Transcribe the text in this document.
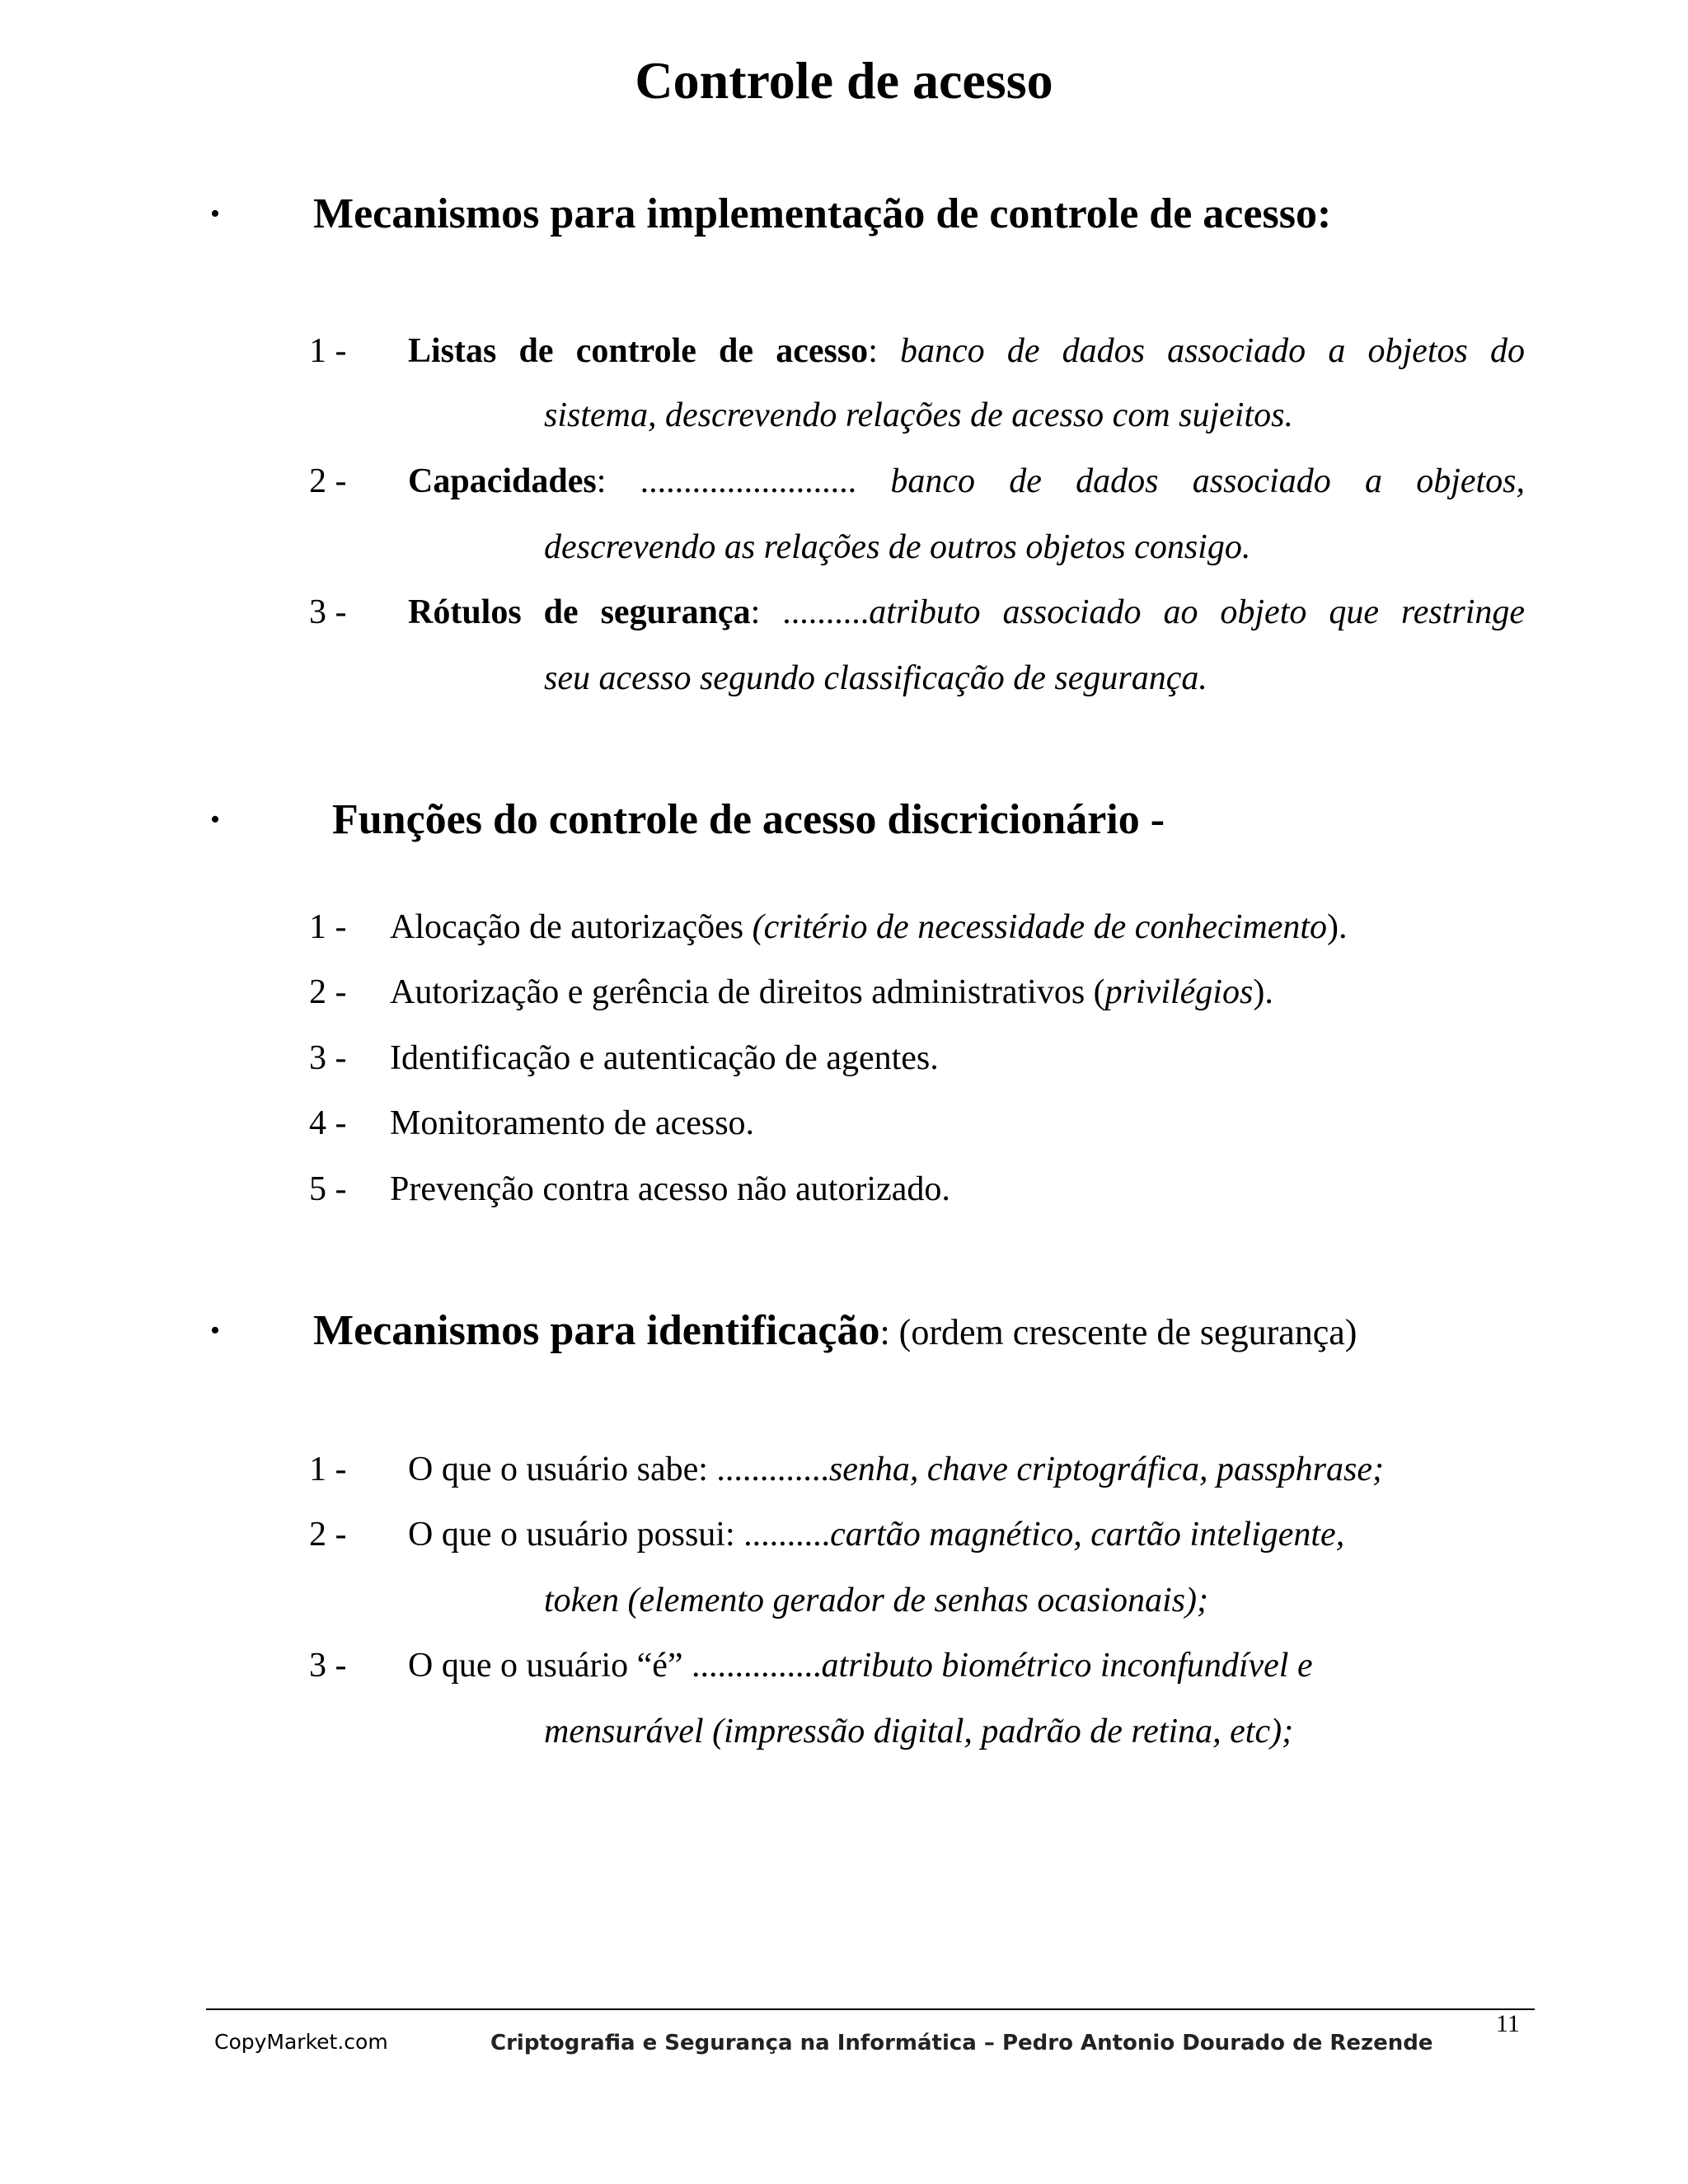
Controle de acesso
• Mecanismos para implementação de controle de acesso:
1 - Listas de controle de acesso: banco de dados associado a objetos do
sistema, descrevendo relações de acesso com sujeitos.
2 - Capacidades: ......................... banco de dados associado a objetos,
descrevendo as relações de outros objetos consigo.
3 - Rótulos de segurança: ..........atributo associado ao objeto que restringe
seu acesso segundo classificação de segurança.
•	Funções do controle de acesso discricionário -
1 - Alocação de autorizações (critério de necessidade de conhecimento).
2 - Autorização e gerência de direitos administrativos (privilégios).
3 - Identificação e autenticação de agentes.
4 - Monitoramento de acesso.
5 - Prevenção contra acesso não autorizado.
• Mecanismos para identificação: (ordem crescente de segurança)
1 - O que o usuário sabe: .............senha, chave criptográfica, passphrase;
2 - O que o usuário possui: ..........cartão magnético, cartão inteligente,
token (elemento gerador de senhas ocasionais);
3 - O que o usuário “é” ...............atributo biométrico inconfundível e
mensurável (impressão digital, padrão de retina, etc);
CopyMarket.com	Criptografia e Segurança na Informática – Pedro Antonio Dourado de Rezende
11
